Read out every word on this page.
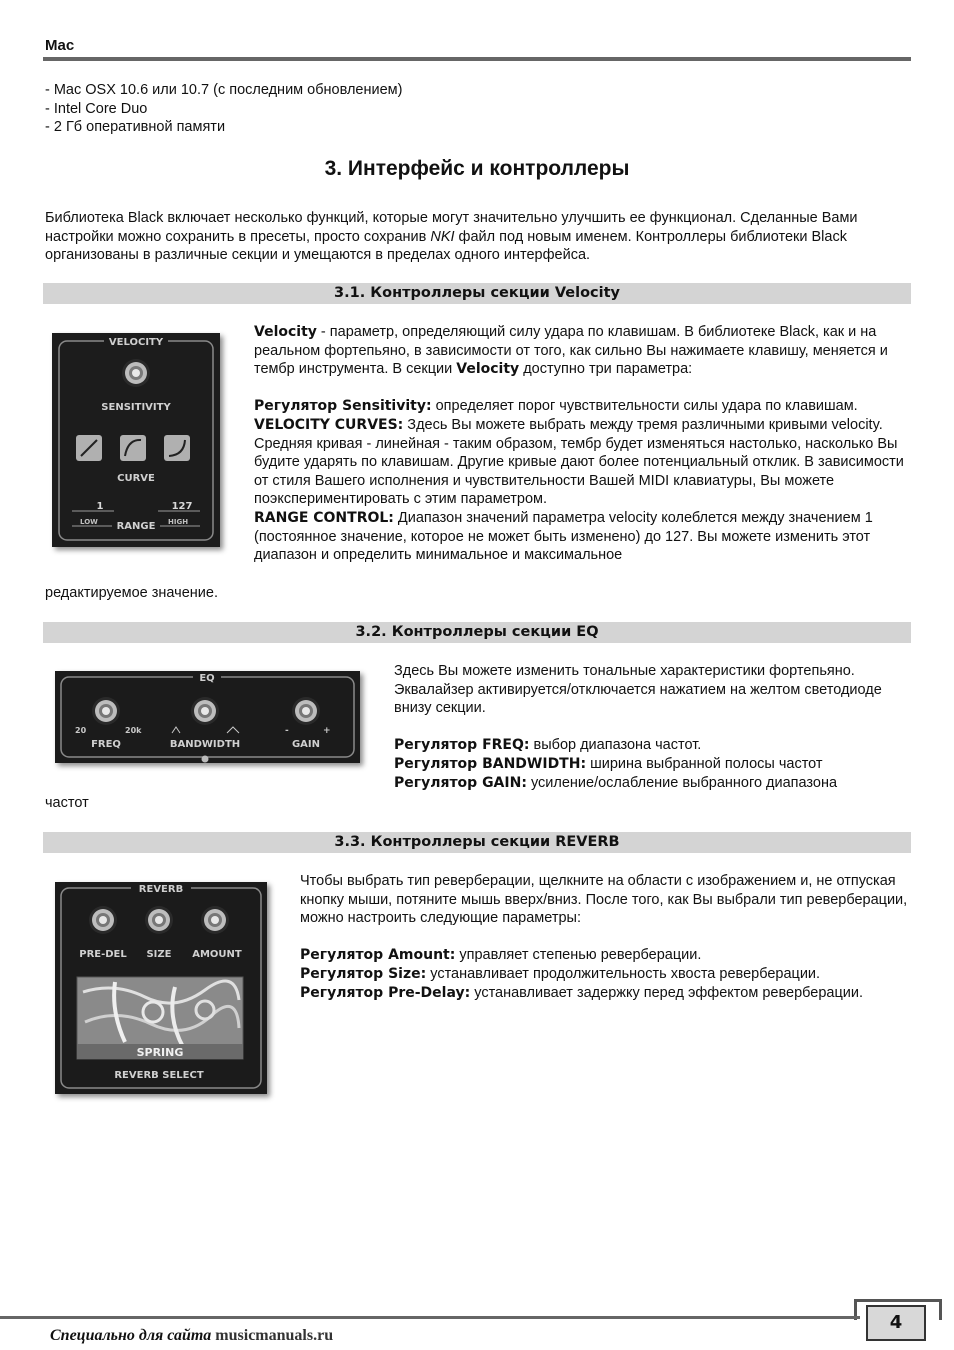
Mac
- Mac OSX 10.6 или 10.7 (с последним обновлением)
- Intel Core Duo
- 2 Гб оперативной памяти
3. Интерфейс и контроллеры
Библиотека Black включает несколько функций, которые могут значительно улучшить ее функционал. Сделанные Вами настройки можно сохранить в пресеты, просто сохранив NKI файл под новым именем. Контроллеры библиотеки Black организованы в различные секции и умещаются в пределах одного интерфейса.
3.1. Контроллеры секции Velocity
VELOCITY
SENSITIVITY
CURVE
1	127
LOW	HIGH
RANGE
Velocity - параметр, определяющий силу удара по клавишам. В библиотеке Black, как и на реальном фортепьяно, в зависимости от того, как сильно Вы нажимаете клавишу, меняется и тембр инструмента. В секции Velocity доступно три параметра:
Регулятор Sensitivity: определяет порог чувствительности силы удара по клавишам.
VELOCITY CURVES: Здесь Вы можете выбрать между тремя различными кривыми velocity. Средняя кривая - линейная - таким образом, тембр будет изменяться настолько, насколько Вы будите ударять по клавишам. Другие кривые дают более потенциальный отклик. В зависимости от стиля Вашего исполнения и чувствительности Вашей MIDI клавиатуры, Вы можете поэкспериментировать с этим параметром.
RANGE CONTROL: Диапазон значений параметра velocity колеблется между значением 1 (постоянное значение, которое не может быть изменено) до 127. Вы можете изменить этот диапазон и определить минимальное и максимальное
редактируемое значение.
3.2. Контроллеры секции EQ
EQ
20	20k
FREQ	BANDWIDTH
-	+
GAIN
Здесь Вы можете изменить тональные характеристики фортепьяно. Эквалайзер активируется/отключается нажатием на желтом светодиоде внизу секции.
Регулятор FREQ: выбор диапазона частот.
Регулятор BANDWIDTH: ширина выбранной полосы частот
Регулятор GAIN: усиление/ослабление выбранного диапазона
частот
3.3. Контроллеры секции REVERB
REVERB
PRE-DEL SIZE AMOUNT
SPRING
REVERB SELECT
Чтобы выбрать тип реверберации, щелкните на области с изображением и, не отпуская кнопку мыши, потяните мышь вверх/вниз. После того, как Вы выбрали тип реверберации, можно настроить следующие параметры:
Регулятор Amount: управляет степенью реверберации.
Регулятор Size: устанавливает продолжительность хвоста реверберации.
Регулятор Pre-Delay: устанавливает задержку перед эффектом реверберации.
Специально для сайта musicmanuals.ru
4
